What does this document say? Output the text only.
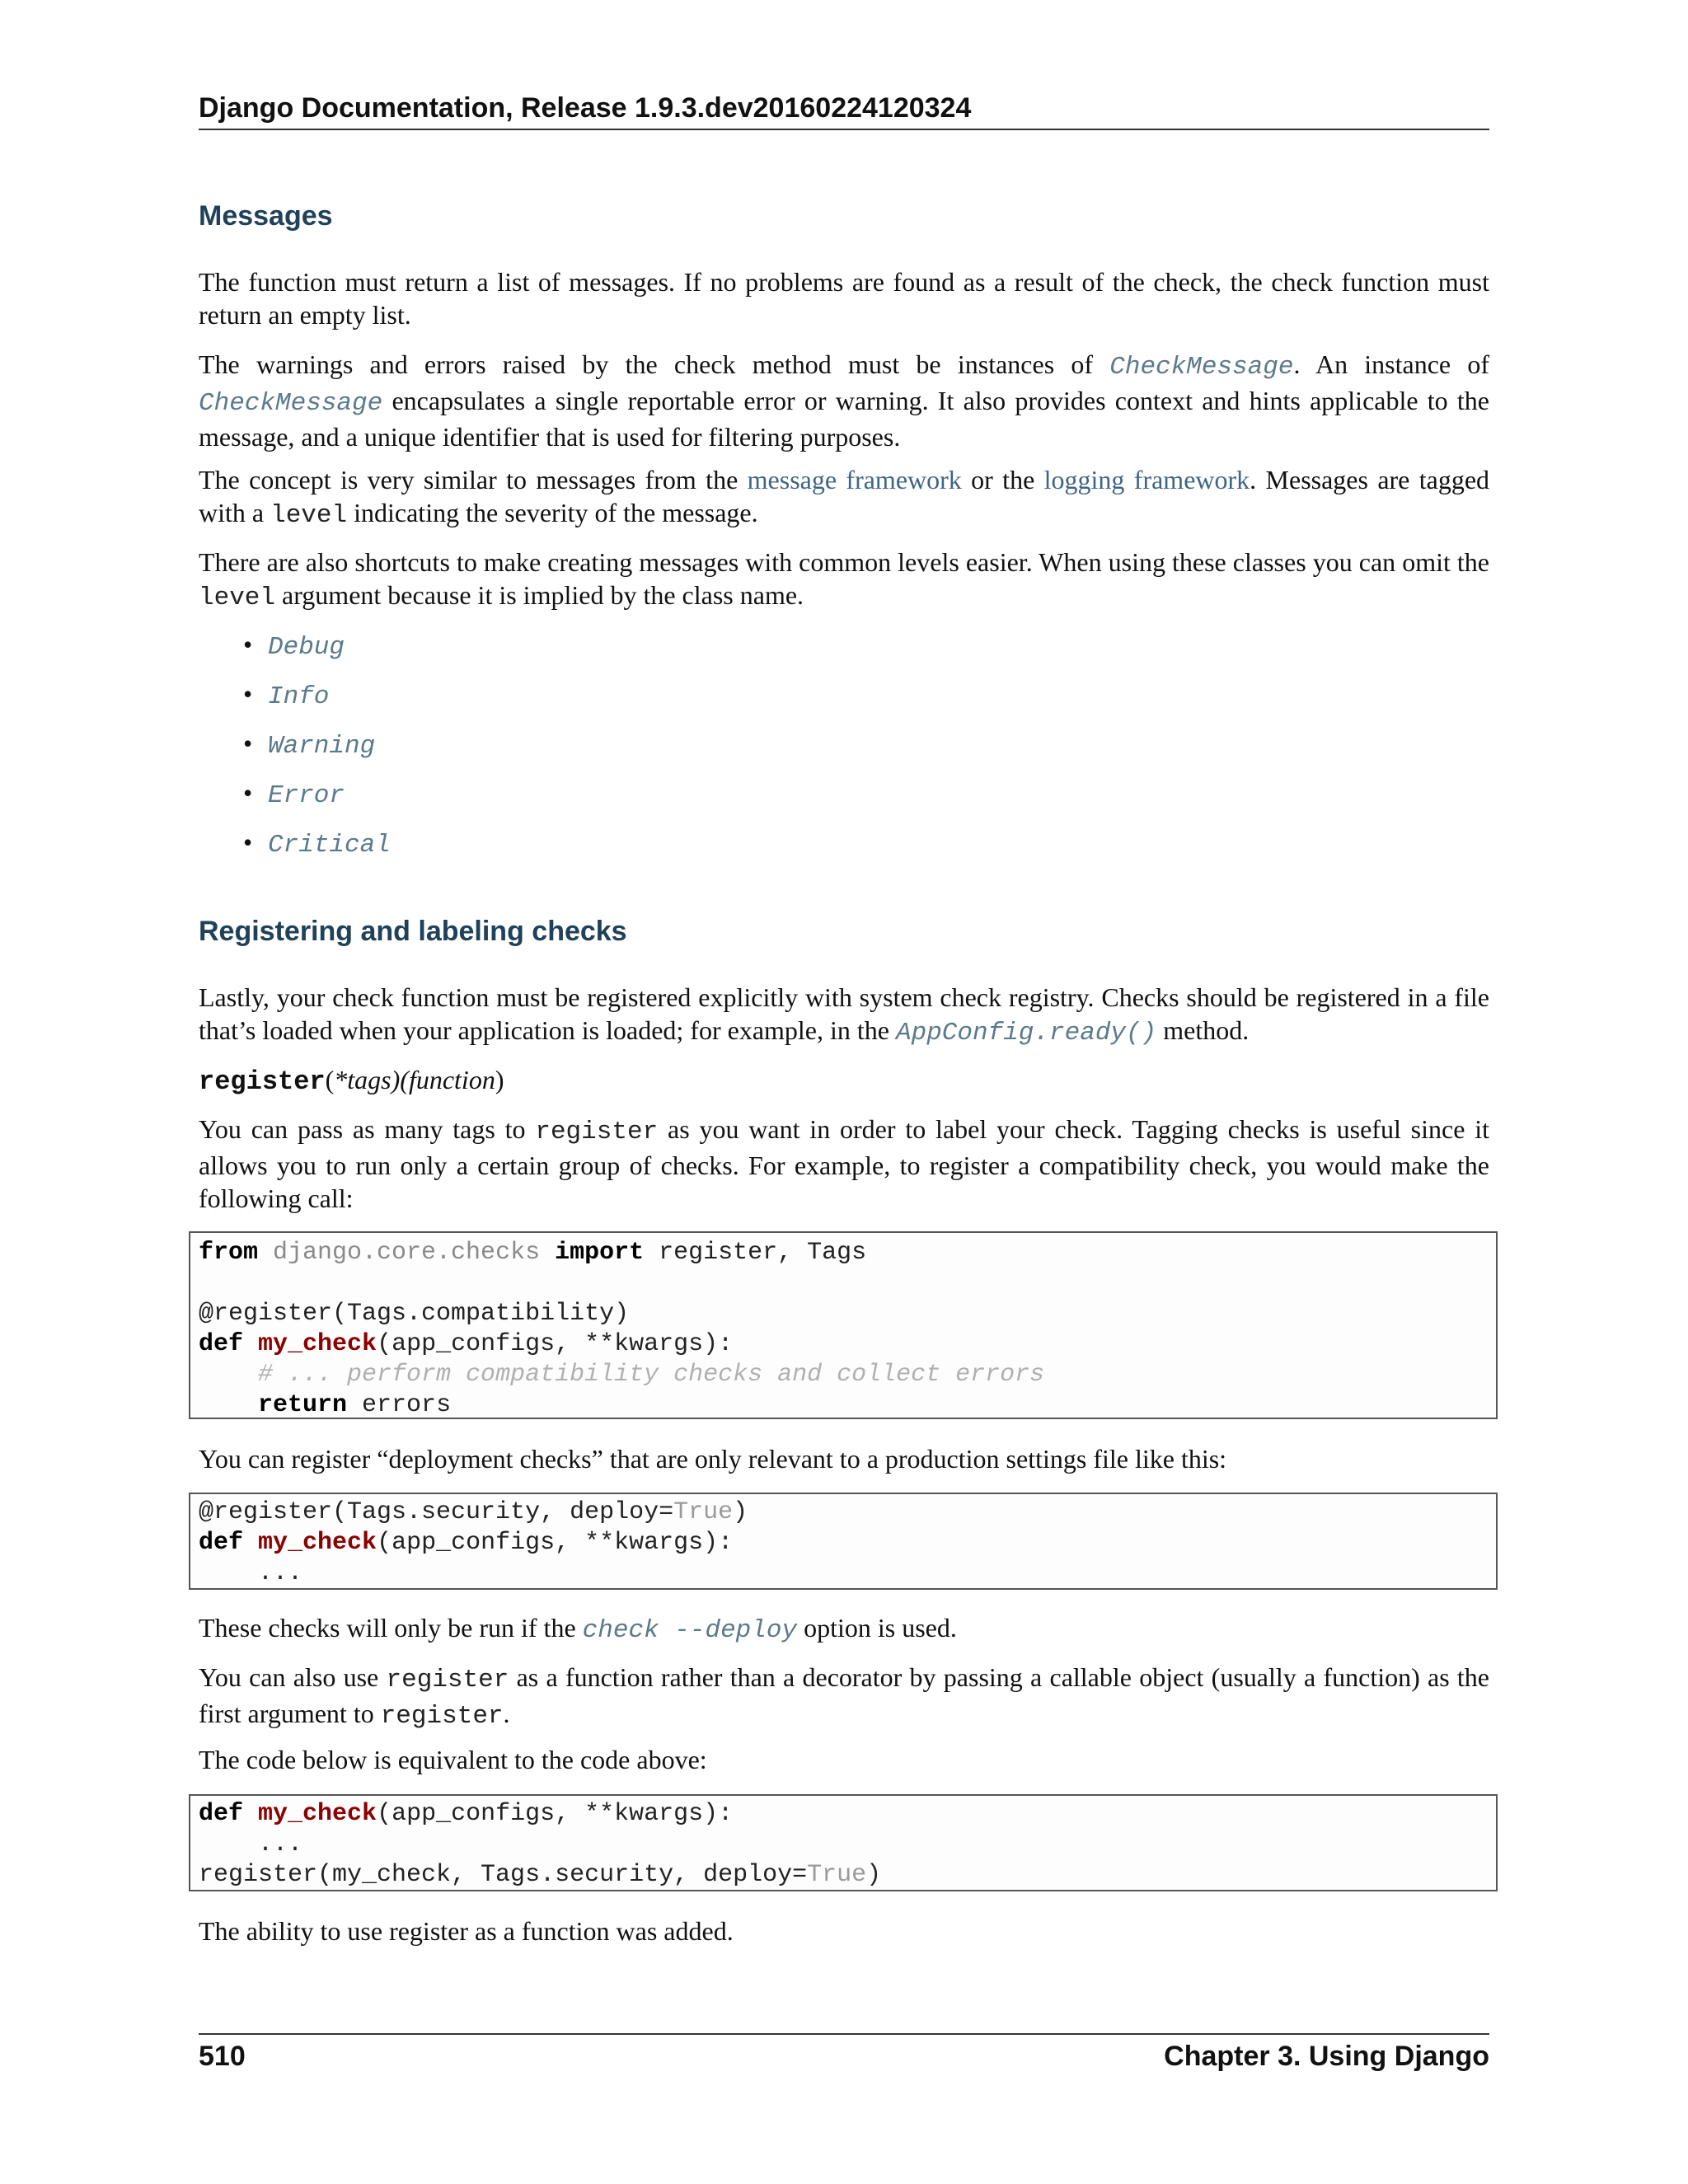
Django Documentation, Release 1.9.3.dev20160224120324
Messages

The function must return a list of messages. If no problems are found as a result of the check, the check function must return an empty list.

The warnings and errors raised by the check method must be instances of CheckMessage. An instance of CheckMessage encapsulates a single reportable error or warning. It also provides context and hints applicable to the message, and a unique identifier that is used for filtering purposes.

The concept is very similar to messages from the message framework or the logging framework. Messages are tagged with a level indicating the severity of the message.

There are also shortcuts to make creating messages with common levels easier. When using these classes you can omit the level argument because it is implied by the class name.

• Debug
• Info
• Warning
• Error
• Critical
Registering and labeling checks

Lastly, your check function must be registered explicitly with system check registry. Checks should be registered in a file that’s loaded when your application is loaded; for example, in the AppConfig.ready() method.

register(*tags)(function)

You can pass as many tags to register as you want in order to label your check. Tagging checks is useful since it allows you to run only a certain group of checks. For example, to register a compatibility check, you would make the following call:

from django.core.checks import register, Tags
@register(Tags.compatibility)
def my_check(app_configs, **kwargs):
# ... perform compatibility checks and collect errors
return errors

You can register “deployment checks” that are only relevant to a production settings file like this:

@register(Tags.security, deploy=True)
def my_check(app_configs, **kwargs):
...

These checks will only be run if the check --deploy option is used.

You can also use register as a function rather than a decorator by passing a callable object (usually a function) as the first argument to register.

The code below is equivalent to the code above:

def my_check(app_configs, **kwargs):
...
register(my_check, Tags.security, deploy=True)

The ability to use register as a function was added.

510	Chapter 3. Using Django
